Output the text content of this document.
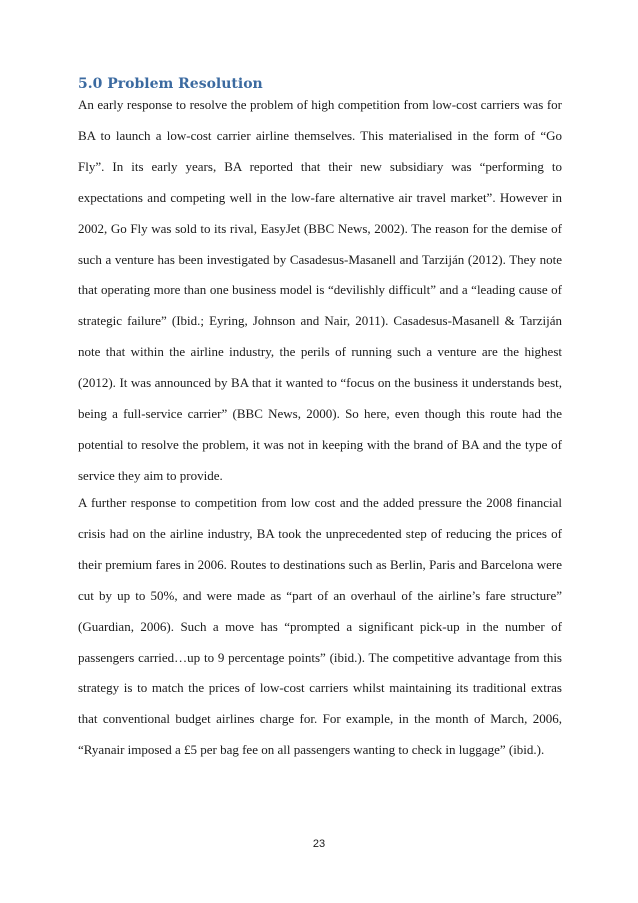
5.0 Problem Resolution

An early response to resolve the problem of high competition from low-cost carriers was for BA to launch a low-cost carrier airline themselves. This materialised in the form of “Go Fly”. In its early years, BA reported that their new subsidiary was “performing to expectations and competing well in the low-fare alternative air travel market”. However in 2002, Go Fly was sold to its rival, EasyJet (BBC News, 2002). The reason for the demise of such a venture has been investigated by Casadesus-Masanell and Tarziján (2012). They note that operating more than one business model is “devilishly difficult” and a “leading cause of strategic failure” (Ibid.; Eyring, Johnson and Nair, 2011). Casadesus-Masanell & Tarziján note that within the airline industry, the perils of running such a venture are the highest (2012). It was announced by BA that it wanted to “focus on the business it understands best, being a full-service carrier” (BBC News, 2000). So here, even though this route had the potential to resolve the problem, it was not in keeping with the brand of BA and the type of service they aim to provide.

A further response to competition from low cost and the added pressure the 2008 financial crisis had on the airline industry, BA took the unprecedented step of reducing the prices of their premium fares in 2006. Routes to destinations such as Berlin, Paris and Barcelona were cut by up to 50%, and were made as “part of an overhaul of the airline’s fare structure” (Guardian, 2006). Such a move has “prompted a significant pick-up in the number of passengers carried…up to 9 percentage points” (ibid.). The competitive advantage from this strategy is to match the prices of low-cost carriers whilst maintaining its traditional extras that conventional budget airlines charge for. For example, in the month of March, 2006, “Ryanair imposed a £5 per bag fee on all passengers wanting to check in luggage” (ibid.).

23
